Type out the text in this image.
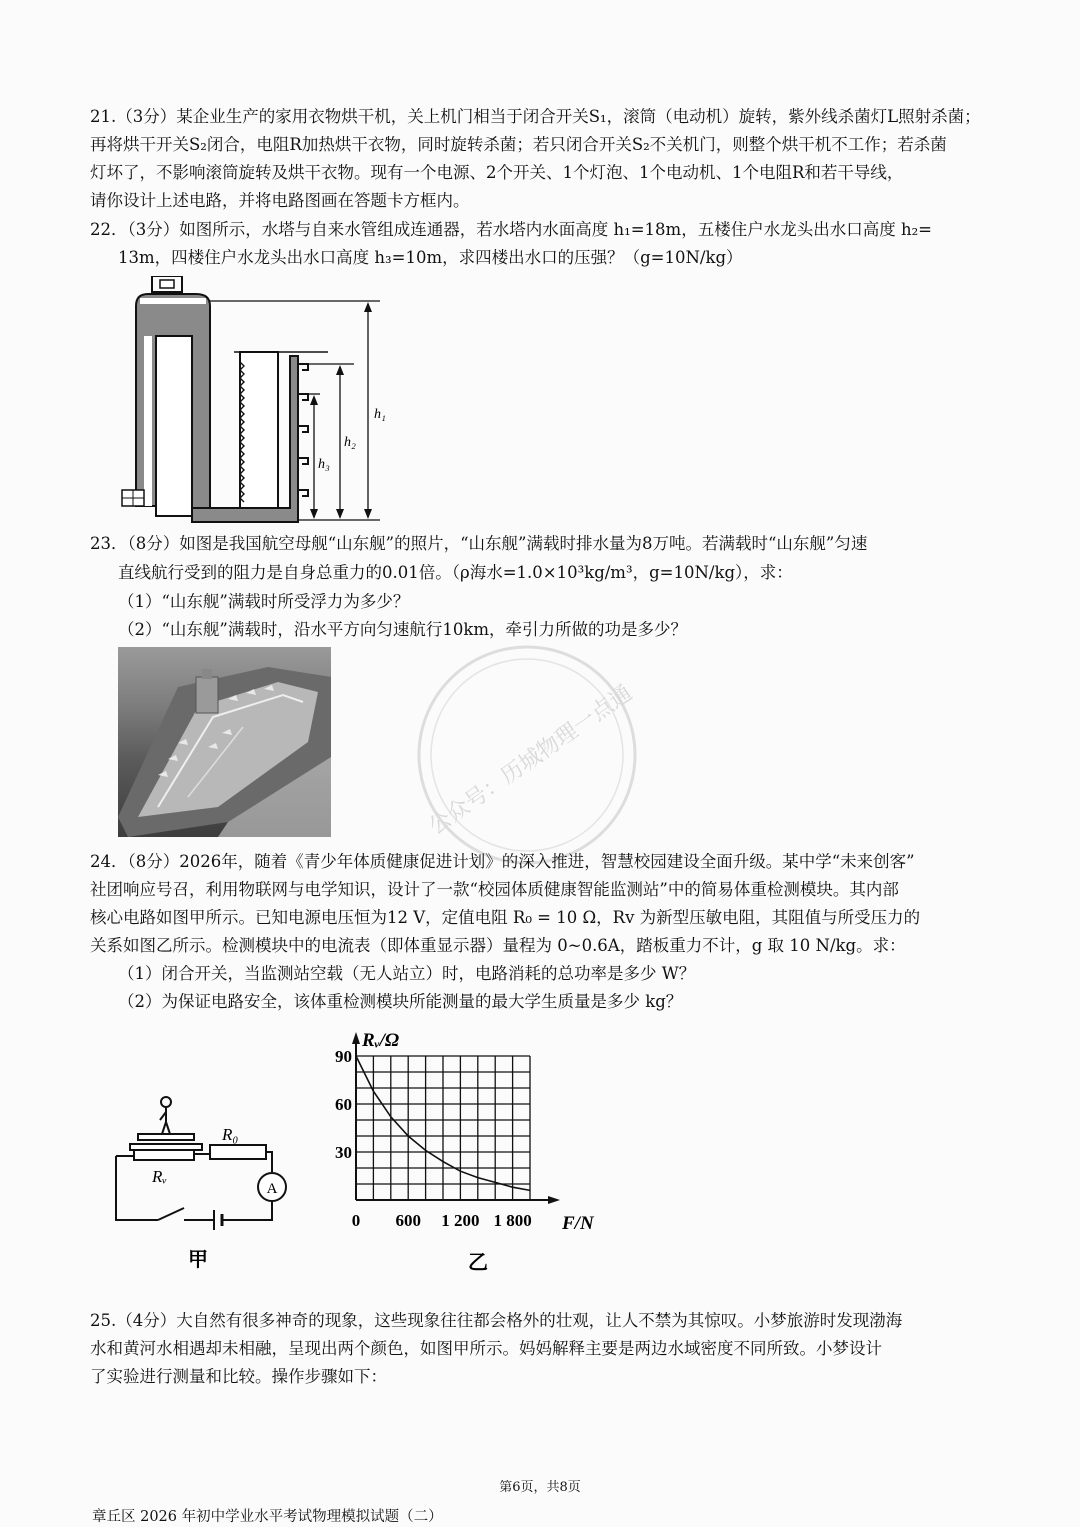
21.（3分）某企业生产的家用衣物烘干机，关上机门相当于闭合开关S₁，滚筒（电动机）旋转，紫外线杀菌灯L照射杀菌；
再将烘干开关S₂闭合，电阻R加热烘干衣物，同时旋转杀菌；若只闭合开关S₂不关机门，则整个烘干机不工作；若杀菌
灯坏了，不影响滚筒旋转及烘干衣物。现有一个电源、2个开关、1个灯泡、1个电动机、1个电阻R和若干导线，
请你设计上述电路，并将电路图画在答题卡方框内。
22．（3分）如图所示，水塔与自来水管组成连通器，若水塔内水面高度 h₁=18m，五楼住户水龙头出水口高度 h₂=
13m，四楼住户水龙头出水口高度 h₃=10m，求四楼出水口的压强？（g=10N/kg）
h₁
h₂
h₃
23．（8分）如图是我国航空母舰“山东舰”的照片，“山东舰”满载时排水量为8万吨。若满载时“山东舰”匀速
直线航行受到的阻力是自身总重力的0.01倍。（ρ海水=1.0×10³kg/m³，g=10N/kg），求：
（1）“山东舰”满载时所受浮力为多少？
（2）“山东舰”满载时，沿水平方向匀速航行10km，牵引力所做的功是多少？
公众号：历城物理一点通
24．（8分）2026年，随着《青少年体质健康促进计划》的深入推进，智慧校园建设全面升级。某中学“未来创客”
社团响应号召，利用物联网与电学知识，设计了一款“校园体质健康智能监测站”中的简易体重检测模块。其内部
核心电路如图甲所示。已知电源电压恒为12 V，定值电阻 R₀ = 10 Ω，Rv 为新型压敏电阻，其阻值与所受压力的
关系如图乙所示。检测模块中的电流表（即体重显示器）量程为 0~0.6A，踏板重力不计，g 取 10 N/kg。求：
（1）闭合开关，当监测站空载（无人站立）时，电路消耗的总功率是多少 W？
（2）为保证电路安全，该体重检测模块所能测量的最大学生质量是多少 kg？
A
R₀
Rᵥ
甲
0 600 1 200 1 800
30
60
90
Rᵥ/Ω
F/N
乙
25.（4分）大自然有很多神奇的现象，这些现象往往都会格外的壮观，让人不禁为其惊叹。小梦旅游时发现渤海
水和黄河水相遇却未相融，呈现出两个颜色，如图甲所示。妈妈解释主要是两边水域密度不同所致。小梦设计
了实验进行测量和比较。操作步骤如下：
第6页，共8页
章丘区 2026 年初中学业水平考试物理模拟试题（二）
